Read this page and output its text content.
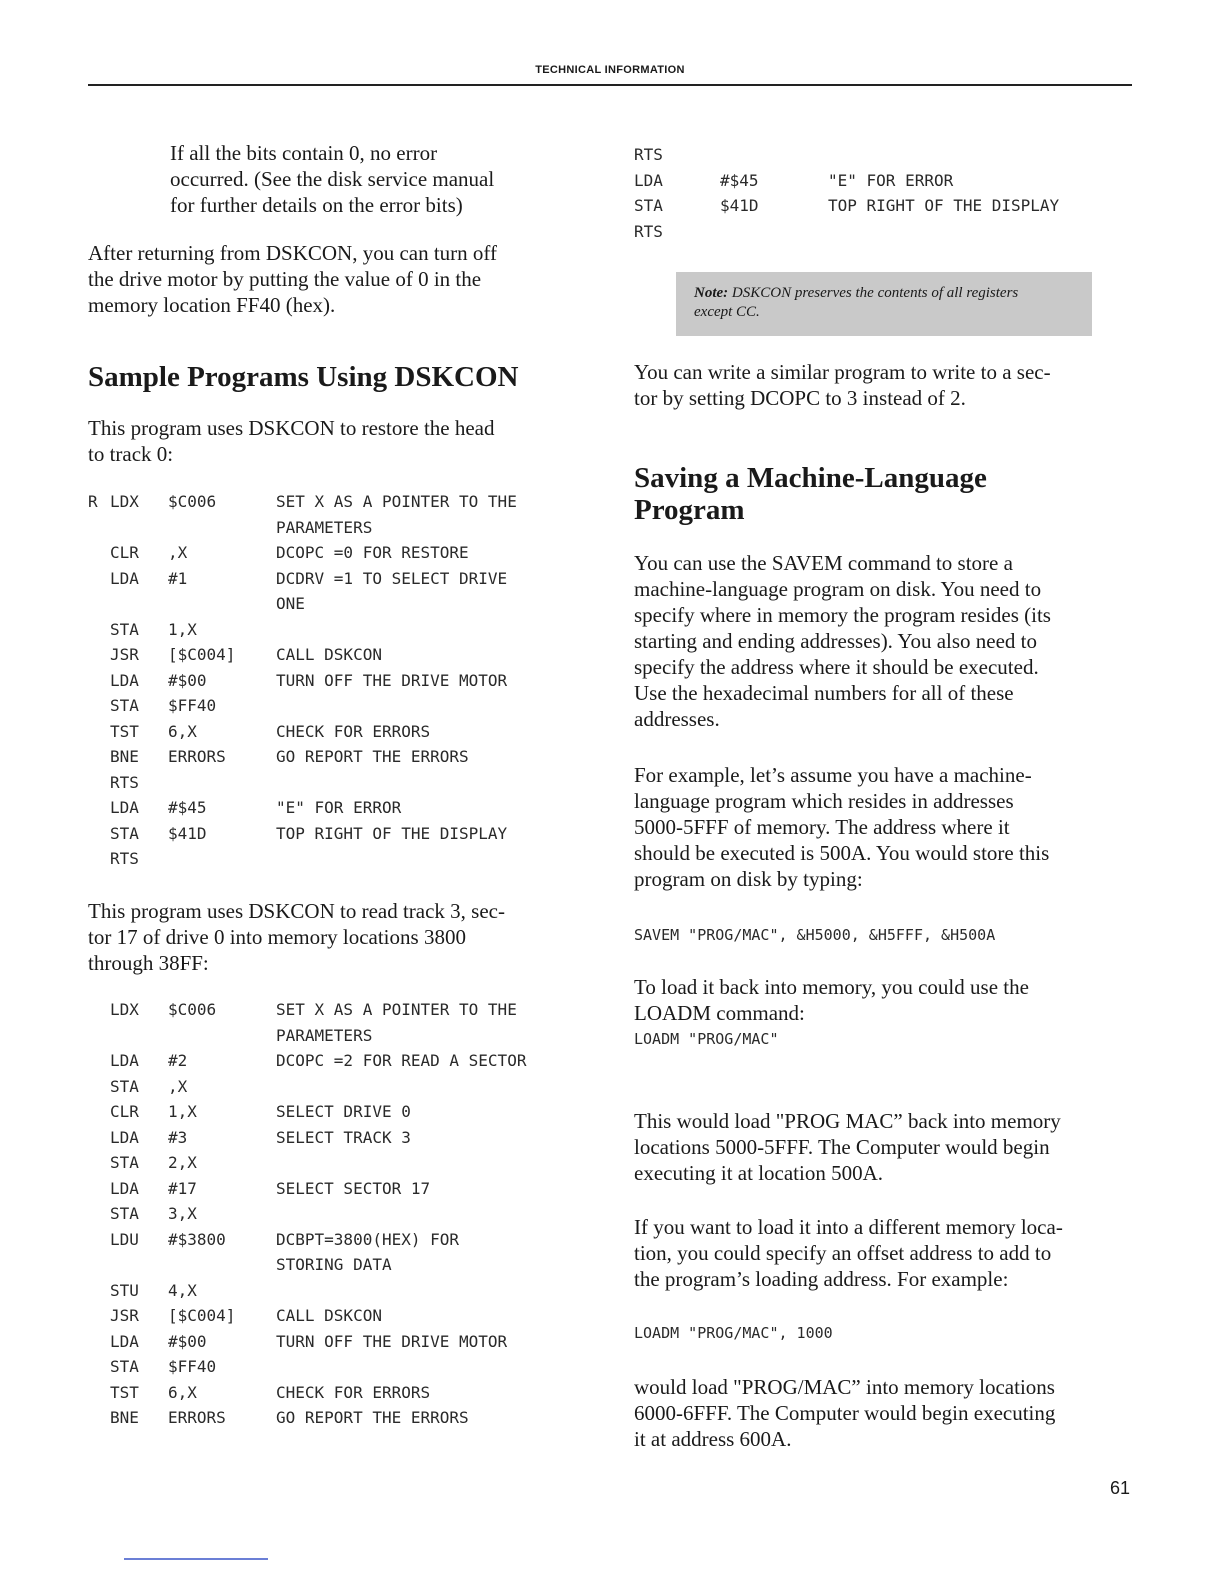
TECHNICAL INFORMATION
If all the bits contain 0, no error
occurred. (See the disk service manual
for further details on the error bits)
After returning from DSKCON, you can turn off
the drive motor by putting the value of 0 in the
memory location FF40 (hex).
Sample Programs Using DSKCON
This program uses DSKCON to restore the head
to track 0:
R LDX $C006	SET X AS A POINTER TO THE
PARAMETERS
CLR ,X	DCOPC =0 FOR RESTORE
LDA #1	DCDRV =1 TO SELECT DRIVE
ONE
STA 1,X
JSR [$C004]	CALL DSKCON
LDA #$00	TURN OFF THE DRIVE MOTOR
STA $FF40
TST 6,X	CHECK FOR ERRORS
BNE ERRORS	GO REPORT THE ERRORS
RTS
LDA #$45	"E" FOR ERROR
STA $41D	TOP RIGHT OF THE DISPLAY
RTS
This program uses DSKCON to read track 3, sec-
tor 17 of drive 0 into memory locations 3800
through 38FF:
LDX $C006	SET X AS A POINTER TO THE
PARAMETERS
LDA #2	DCOPC =2 FOR READ A SECTOR
STA ,X
CLR 1,X	SELECT DRIVE 0
LDA #3	SELECT TRACK 3
STA 2,X
LDA #17	SELECT SECTOR 17
STA 3,X
LDU #$3800	DCBPT=3800(HEX) FOR
STORING DATA
STU 4,X
JSR [$C004]	CALL DSKCON
LDA #$00	TURN OFF THE DRIVE MOTOR
STA $FF40
TST 6,X	CHECK FOR ERRORS
BNE ERRORS	GO REPORT THE ERRORS
RTS
LDA	#$45	"E" FOR ERROR
STA	$41D	TOP RIGHT OF THE DISPLAY
RTS
Note: DSKCON preserves the contents of all registers
except CC.
You can write a similar program to write to a sec-
tor by setting DCOPC to 3 instead of 2.
Saving a Machine-Language
Program
You can use the SAVEM command to store a
machine-language program on disk. You need to
specify where in memory the program resides (its
starting and ending addresses). You also need to
specify the address where it should be executed.
Use the hexadecimal numbers for all of these
addresses.
For example, let’s assume you have a machine-
language program which resides in addresses
5000-5FFF of memory. The address where it
should be executed is 500A. You would store this
program on disk by typing:
SAVEM "PROG/MAC", &H5000, &H5FFF, &H500A
To load it back into memory, you could use the
LOADM command:
LOADM "PROG/MAC"
This would load "PROG MAC” back into memory
locations 5000-5FFF. The Computer would begin
executing it at location 500A.
If you want to load it into a different memory loca-
tion, you could specify an offset address to add to
the program’s loading address. For example:
LOADM "PROG/MAC", 1000
would load "PROG/MAC” into memory locations
6000-6FFF. The Computer would begin executing
it at address 600A.
61
